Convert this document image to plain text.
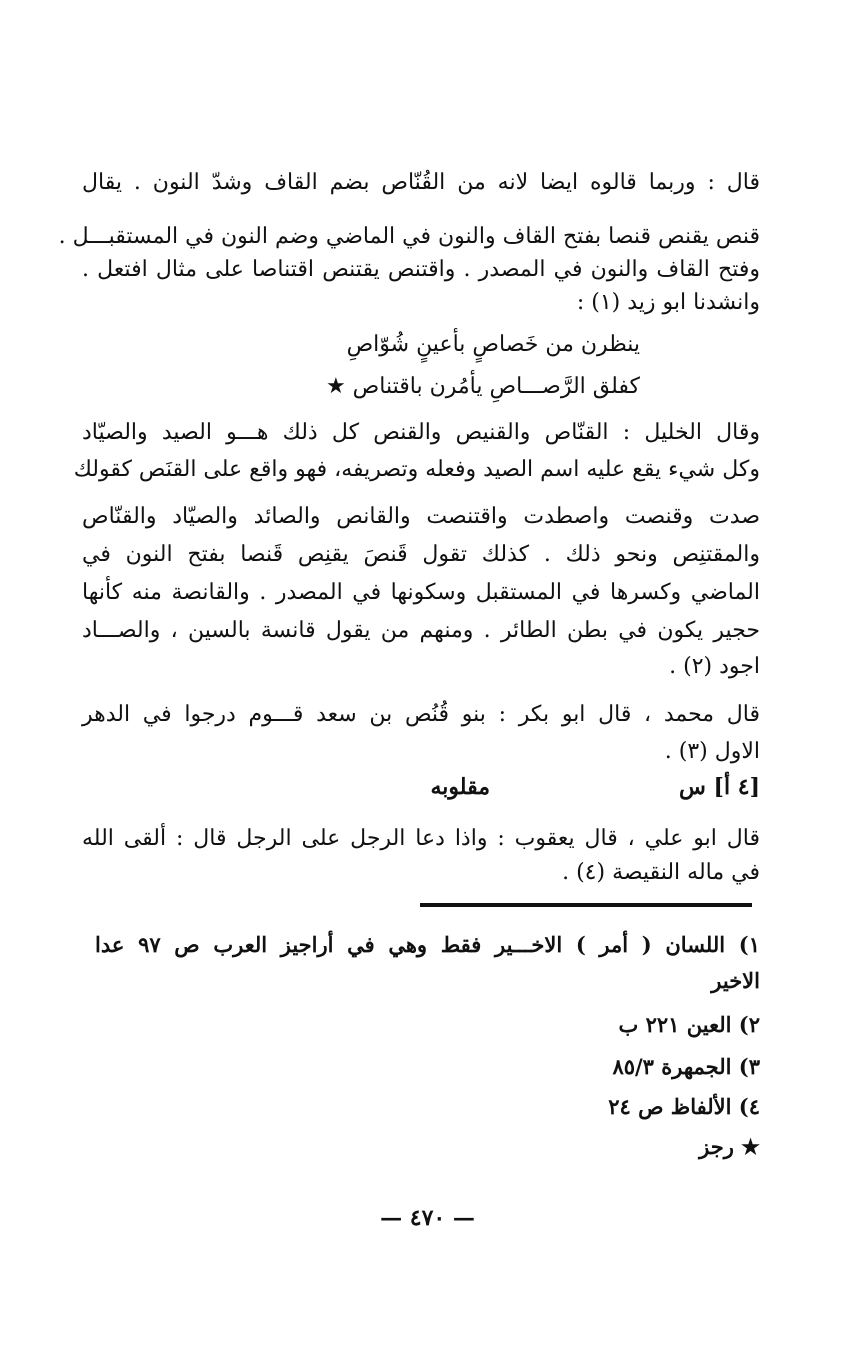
قال : وربما قالوه ايضا لانه من القُنّاص بضم القاف وشدّ النون . يقال
قنص يقنص قنصا بفتح القاف والنون في الماضي وضم النون في المستقبـــل .
وفتح القاف والنون في المصدر . واقتنص يقتنص اقتناصا على مثال افتعل .
وانشدنا ابو زيد (١) :
ينظرن من خَصاصٍ بأعينٍ شُوّاصِ
كفلق الرَّصـــاصِ يأمُرن باقتناص ★
وقال الخليل : القنّاص والقنيص والقنص كل ذلك هـــو الصيد والصيّاد
وكل شيء يقع عليه اسم الصيد وفعله وتصريفه، فهو واقع على القنَص كقولك
صدت وقنصت واصطدت واقتنصت والقانص والصائد والصيّاد والقنّاص
والمقتنِص ونحو ذلك . كذلك تقول قَنصَ يقنِص قَنصا بفتح النون في
الماضي وكسرها في المستقبل وسكونها في المصدر . والقانصة منه كأنها
حجير يكون في بطن الطائر . ومنهم من يقول قانسة بالسين ، والصـــاد
اجود (٢) .
قال محمد ، قال ابو بكر : بنو قُنُص بن سعد قـــوم درجوا في الدهر
الاول (٣) .
[٤ أ] س
مقلوبه
قال ابو علي ، قال يعقوب : واذا دعا الرجل على الرجل قال : ألقى الله
في ماله النقيصة (٤) .
١) اللسان ( أمر ) الاخـــير فقط وهي في أراجيز العرب ص ٩٧ عدا
الاخير
٢) العين ٢٢١ ب
٣) الجمهرة ٨٥/٣
٤) الألفاظ ص ٢٤
★ رجز
— ٤٧٠ —
